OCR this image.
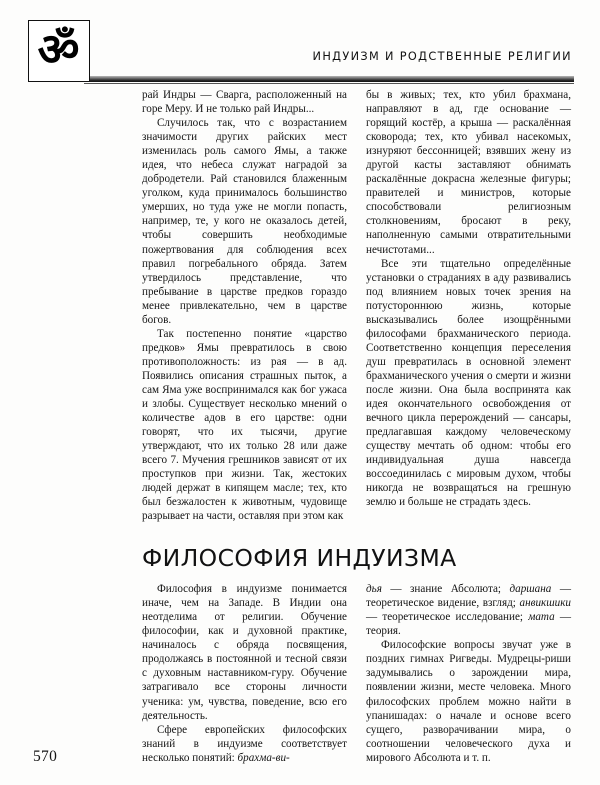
ॐ	ИНДУИЗМ И РОДСТВЕННЫЕ РЕЛИГИИ

рай Индры — Сварга, расположенный на горе Меру. И не только рай Индры...

Случилось так, что с возрастанием значимости других райских мест изменилась роль самого Ямы, а также идея, что небеса служат наградой за добродетели. Рай становился блаженным уголком, куда принималось большинство умерших, но туда уже не могли попасть, например, те, у кого не оказалось детей, чтобы совершить необходимые пожертвования для соблюдения всех правил погребального обряда. Затем утвердилось представление, что пребывание в царстве предков гораздо менее привлекательно, чем в царстве богов.

Так постепенно понятие «царство предков» Ямы превратилось в свою противоположность: из рая — в ад. Появились описания страшных пыток, а сам Яма уже воспринимался как бог ужаса и злобы. Существует несколько мнений о количестве адов в его царстве: одни говорят, что их тысячи, другие утверждают, что их только 28 или даже всего 7. Мучения грешников зависят от их проступков при жизни. Так, жестоких людей держат в кипящем масле; тех, кто был безжалостен к животным, чудовище разрывает на части, оставляя при этом как

бы в живых; тех, кто убил брахмана, направляют в ад, где основание — горящий костёр, а крыша — раскалённая сковорода; тех, кто убивал насекомых, изнуряют бессонницей; взявших жену из другой касты заставляют обнимать раскалённые докрасна железные фигуры; правителей и министров, которые способствовали религиозным столкновениям, бросают в реку, наполненную самыми отвратительными нечистотами...

Все эти тщательно определённые установки о страданиях в аду развивались под влиянием новых точек зрения на потустороннюю жизнь, которые высказывались более изощрёнными философами брахманического периода. Соответственно концепция переселения душ превратилась в основной элемент брахманического учения о смерти и жизни после жизни. Она была воспринята как идея окончательного освобождения от вечного цикла перерождений — сансары, предлагавшая каждому человеческому существу мечтать об одном: чтобы его индивидуальная душа навсегда воссоединилась с мировым духом, чтобы никогда не возвращаться на грешную землю и больше не страдать здесь.

ФИЛОСОФИЯ ИНДУИЗМА

Философия в индуизме понимается иначе, чем на Западе. В Индии она неотделима от религии. Обучение философии, как и духовной практике, начиналось с обряда посвящения, продолжаясь в постоянной и тесной связи с духовным наставником-гуру. Обучение затрагивало все стороны личности ученика: ум, чувства, поведение, всю его деятельность.

Сфере европейских философских знаний в индуизме соответствует несколько понятий: брахма-ви-

дья — знание Абсолюта; даршана — теоретическое видение, взгляд; анвикшики — теоретическое исследование; мата — теория.

Философские вопросы звучат уже в поздних гимнах Ригведы. Мудрецы-риши задумывались о зарождении мира, появлении жизни, месте человека. Много философских проблем можно найти в упанишадах: о начале и основе всего сущего, разворачивании мира, о соотношении человеческого духа и мирового Абсолюта и т. п.

570
